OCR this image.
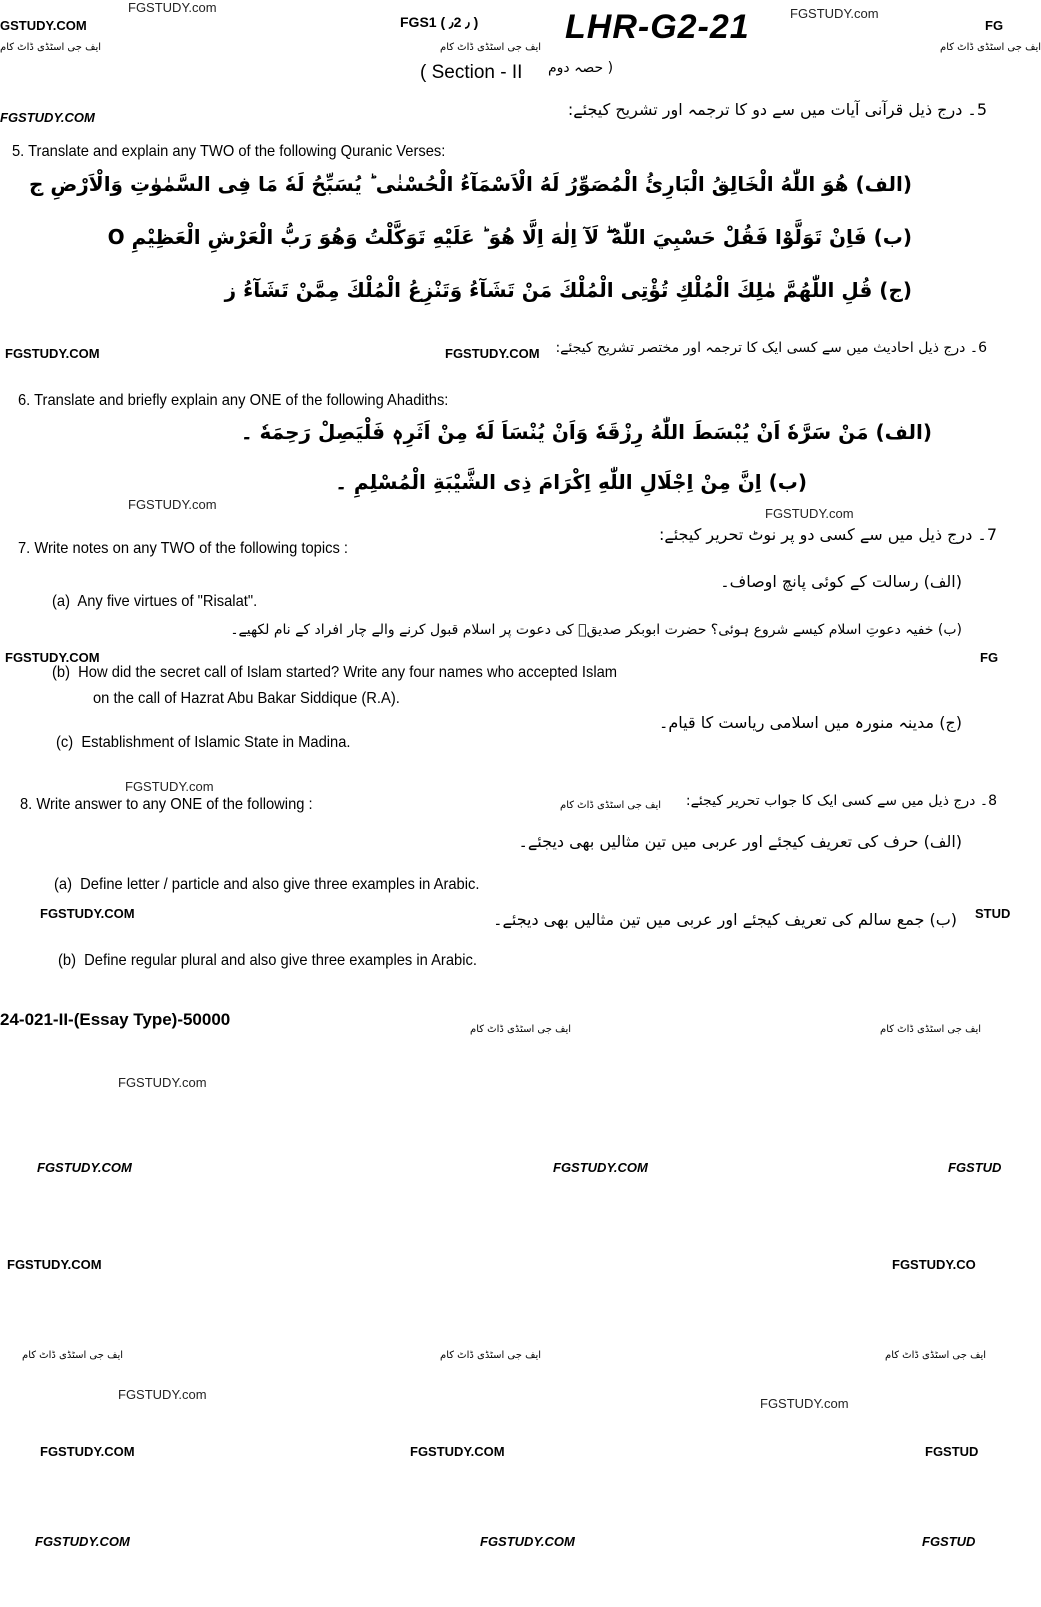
FGS1 ( ٫2 ٫ )	LHR-G2-21
( Section - II حصہ دوم )
5۔ درج ذیل قرآنی آیات میں سے دو کا ترجمہ اور تشریح کیجئے:
5. Translate and explain any TWO of the following Quranic Verses:
(الف) هُوَ اللّٰهُ الْخَالِقُ الْبَارِئُ الْمُصَوِّرُ لَهُ الْاَسْمَآءُ الْحُسْنٰى ؕ يُسَبِّحُ لَهٗ مَا فِى السَّمٰوٰتِ وَالْاَرْضِ ج
(ب) فَاِنْ تَوَلَّوْا فَقُلْ حَسْبِيَ اللّٰهُ ۖ لَآ اِلٰهَ اِلَّا هُوَ ؕ عَلَيْهِ تَوَكَّلْتُ وَهُوَ رَبُّ الْعَرْشِ الْعَظِيْمِ O
(ج) قُلِ اللّٰهُمَّ مٰلِكَ الْمُلْكِ تُؤْتِى الْمُلْكَ مَنْ تَشَآءُ وَتَنْزِعُ الْمُلْكَ مِمَّنْ تَشَآءُ ز
6۔ درج ذیل احادیث میں سے کسی ایک کا ترجمہ اور مختصر تشریح کیجئے:
6. Translate and briefly explain any ONE of the following Ahadiths:
(الف) مَنْ سَرَّهٗ اَنْ يُبْسَطَ اللّٰهُ رِزْقَهٗ وَاَنْ يُنْسَاَ لَهٗ مِنْ اَثَرِهٖ فَلْيَصِلْ رَحِمَهٗ ۔
(ب) اِنَّ مِنْ اِجْلَالِ اللّٰهِ اِكْرَامَ ذِى الشَّيْبَةِ الْمُسْلِمِ ۔
7۔ درج ذیل میں سے کسی دو پر نوٹ تحریر کیجئے:
7. Write notes on any TWO of the following topics :
(الف) رسالت کے کوئی پانچ اوصاف۔
(a) Any five virtues of "Risalat".
(ب) خفیہ دعوتِ اسلام کیسے شروع ہوئی؟ حضرت ابوبکر صدیقؓ کی دعوت پر اسلام قبول کرنے والے چار افراد کے نام لکھیے۔
(b) How did the secret call of Islam started? Write any four names who accepted Islam
on the call of Hazrat Abu Bakar Siddique (R.A).
(ج) مدینہ منورہ میں اسلامی ریاست کا قیام۔
(c) Establishment of Islamic State in Madina.
8۔ درج ذیل میں سے کسی ایک کا جواب تحریر کیجئے:
8. Write answer to any ONE of the following :
(الف) حرف کی تعریف کیجئے اور عربی میں تین مثالیں بھی دیجئے۔
(a) Define letter / particle and also give three examples in Arabic.
(ب) جمع سالم کی تعریف کیجئے اور عربی میں تین مثالیں بھی دیجئے۔
(b) Define regular plural and also give three examples in Arabic.
24-021-II-(Essay Type)-50000
FGSTUDY.com	FGSTUDY.com
GSTUDY.COM	FG
ایف جی اسٹڈی ڈاٹ کام	ایف جی اسٹڈی ڈاٹ کام	ایف جی اسٹڈی ڈاٹ کام
FGSTUDY.COM
FGSTUDY.COM	FGSTUDY.COM
FGSTUDY.com
FGSTUDY.com
FGSTUDY.COM	FG
FGSTUDY.com
ایف جی اسٹڈی ڈاٹ کام
FGSTUDY.COM	STUD
ایف جی اسٹڈی ڈاٹ کام	ایف جی اسٹڈی ڈاٹ کام
FGSTUDY.com
FGSTUDY.COM	FGSTUDY.COM	FGSTUD
FGSTUDY.COM	FGSTUDY.CO
ایف جی اسٹڈی ڈاٹ کام	ایف جی اسٹڈی ڈاٹ کام	ایف جی اسٹڈی ڈاٹ کام
FGSTUDY.com
FGSTUDY.com
FGSTUDY.COM	FGSTUDY.COM	FGSTUD
FGSTUDY.COM	FGSTUDY.COM	FGSTUD
